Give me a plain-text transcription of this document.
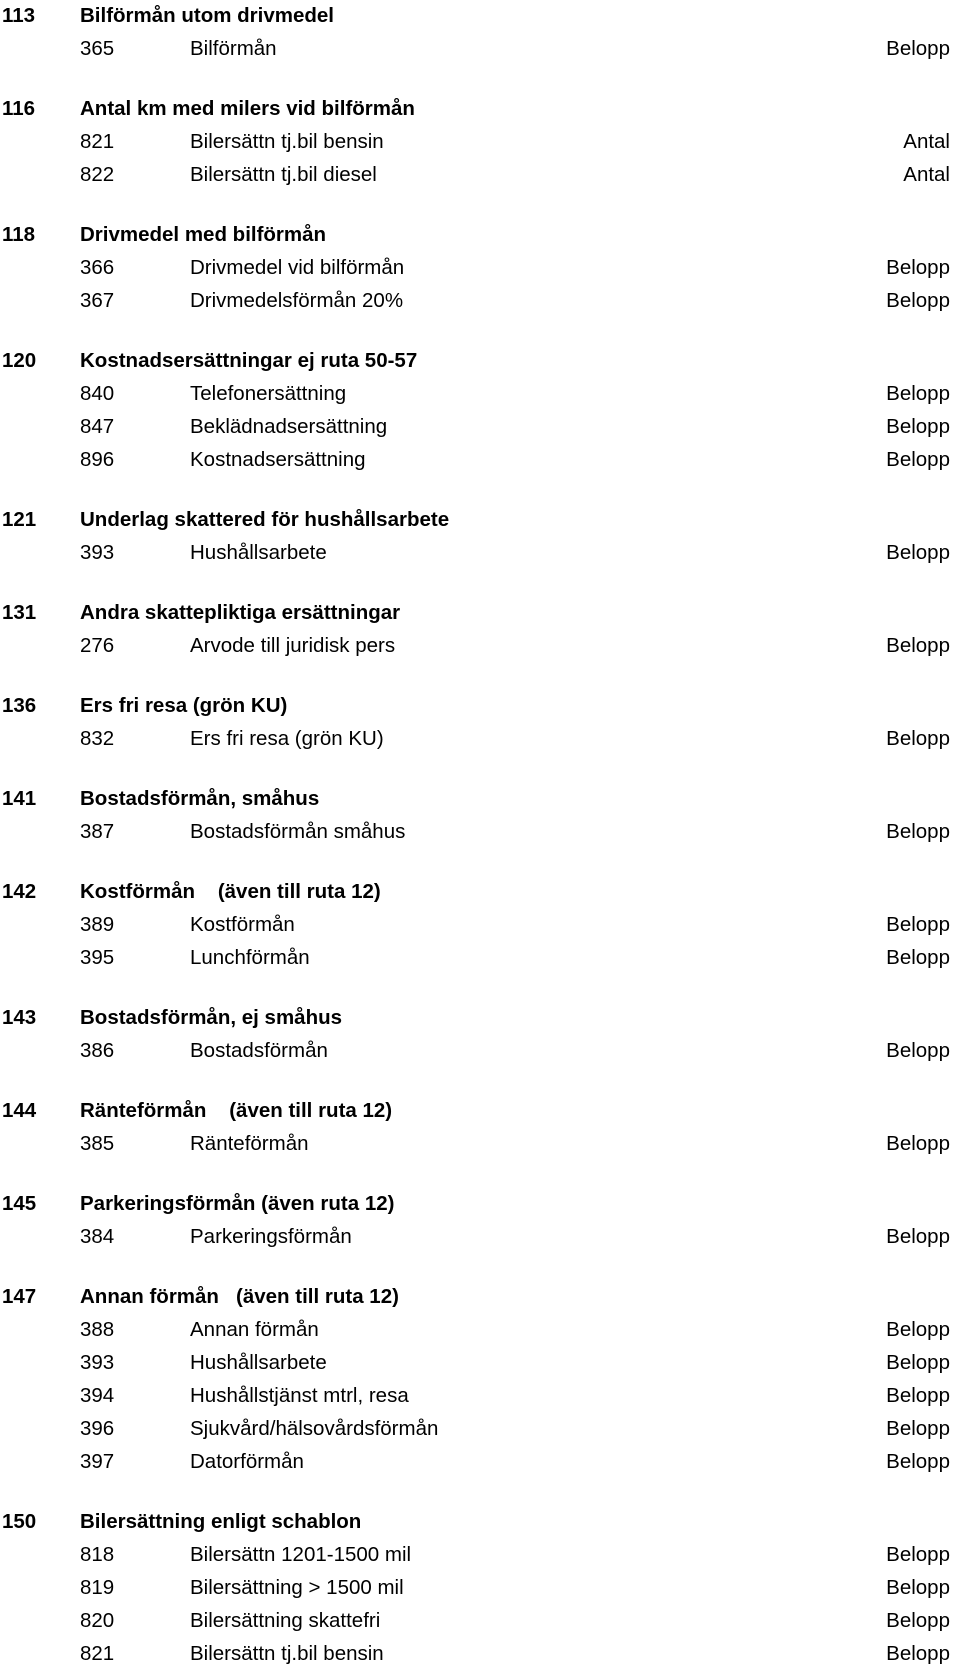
113 Bilförmån utom drivmedel
365	Bilförmån	Belopp
116 Antal km med milers vid bilförmån
821	Bilersättn tj.bil bensin	Antal
822	Bilersättn tj.bil diesel	Antal
118 Drivmedel med bilförmån
366	Drivmedel vid bilförmån	Belopp
367	Drivmedelsförmån 20%	Belopp
120 Kostnadsersättningar ej ruta 50-57
840	Telefonersättning	Belopp
847	Beklädnadsersättning	Belopp
896	Kostnadsersättning	Belopp
121 Underlag skattered för hushållsarbete
393	Hushållsarbete	Belopp
131 Andra skattepliktiga ersättningar
276	Arvode till juridisk pers	Belopp
136 Ers fri resa (grön KU)
832	Ers fri resa (grön KU)	Belopp
141 Bostadsförmån, småhus
387	Bostadsförmån småhus	Belopp
142 Kostförmån    (även till ruta 12)
389	Kostförmån	Belopp
395	Lunchförmån	Belopp
143 Bostadsförmån, ej småhus
386	Bostadsförmån	Belopp
144 Ränteförmån    (även till ruta 12)
385	Ränteförmån	Belopp
145 Parkeringsförmån (även ruta 12)
384	Parkeringsförmån	Belopp
147 Annan förmån   (även till ruta 12)
388	Annan förmån	Belopp
393	Hushållsarbete	Belopp
394	Hushållstjänst mtrl, resa	Belopp
396	Sjukvård/hälsovårdsförmån	Belopp
397	Datorförmån	Belopp
150 Bilersättning enligt schablon
818	Bilersättn 1201-1500 mil	Belopp
819	Bilersättning > 1500 mil	Belopp
820	Bilersättning skattefri	Belopp
821	Bilersättn tj.bil bensin	Belopp
